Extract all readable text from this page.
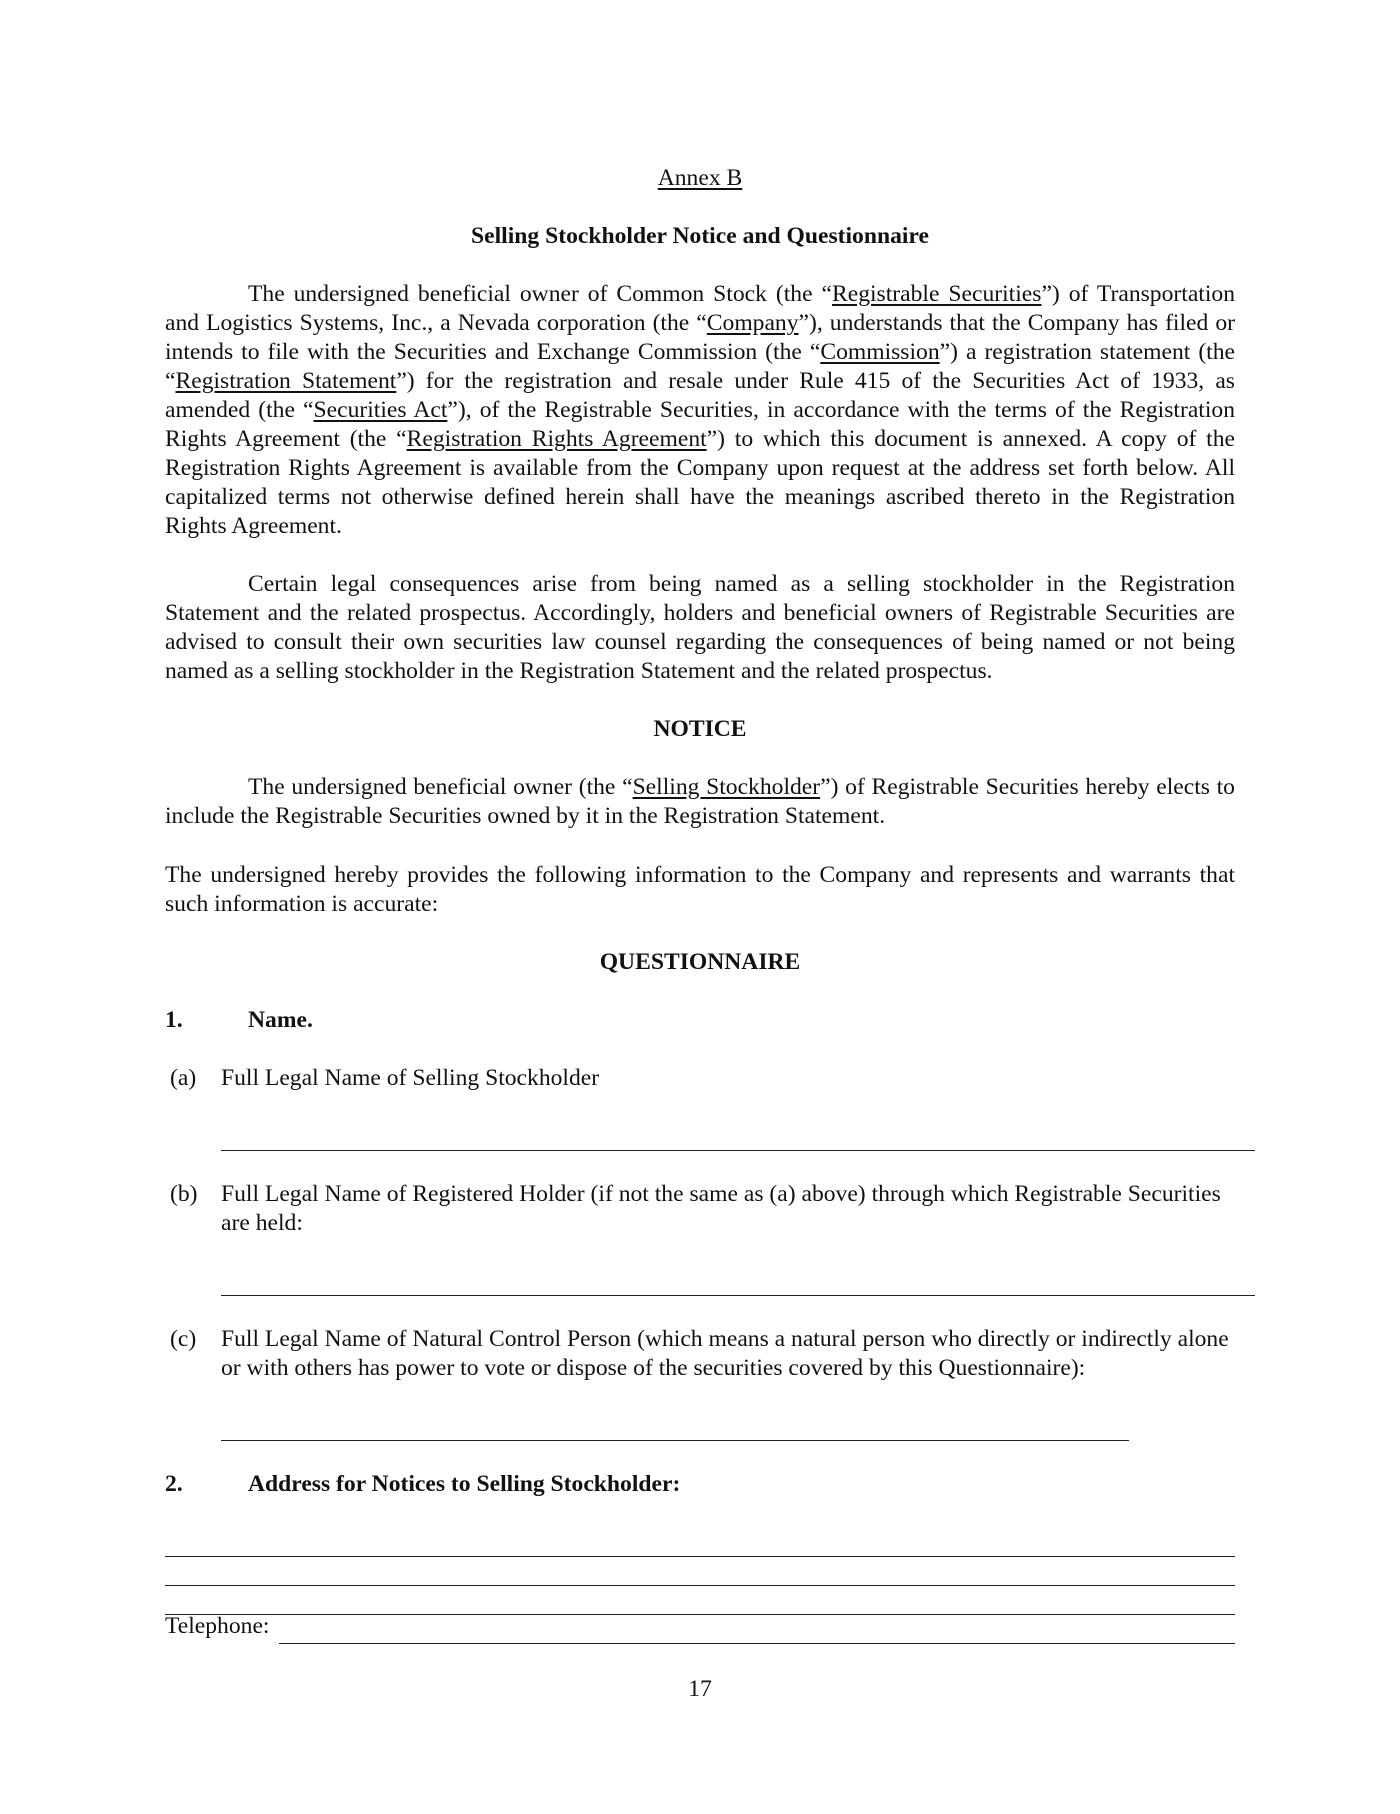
Annex B

Selling Stockholder Notice and Questionnaire

The undersigned beneficial owner of Common Stock (the “Registrable Securities”) of Transportation and Logistics Systems, Inc., a Nevada corporation (the “Company”), understands that the Company has filed or intends to file with the Securities and Exchange Commission (the “Commission”) a registration statement (the “Registration Statement”) for the registration and resale under Rule 415 of the Securities Act of 1933, as amended (the “Securities Act”), of the Registrable Securities, in accordance with the terms of the Registration Rights Agreement (the “Registration Rights Agreement”) to which this document is annexed. A copy of the Registration Rights Agreement is available from the Company upon request at the address set forth below. All capitalized terms not otherwise defined herein shall have the meanings ascribed thereto in the Registration Rights Agreement.

Certain legal consequences arise from being named as a selling stockholder in the Registration Statement and the related prospectus. Accordingly, holders and beneficial owners of Registrable Securities are advised to consult their own securities law counsel regarding the consequences of being named or not being named as a selling stockholder in the Registration Statement and the related prospectus.

NOTICE

The undersigned beneficial owner (the “Selling Stockholder”) of Registrable Securities hereby elects to include the Registrable Securities owned by it in the Registration Statement.

The undersigned hereby provides the following information to the Company and represents and warrants that such information is accurate:

QUESTIONNAIRE

1.	Name.
(a) Full Legal Name of Selling Stockholder
(b) Full Legal Name of Registered Holder (if not the same as (a) above) through which Registrable Securities are held:
(c) Full Legal Name of Natural Control Person (which means a natural person who directly or indirectly alone or with others has power to vote or dispose of the securities covered by this Questionnaire):
2.	Address for Notices to Selling Stockholder:
Telephone:
17
